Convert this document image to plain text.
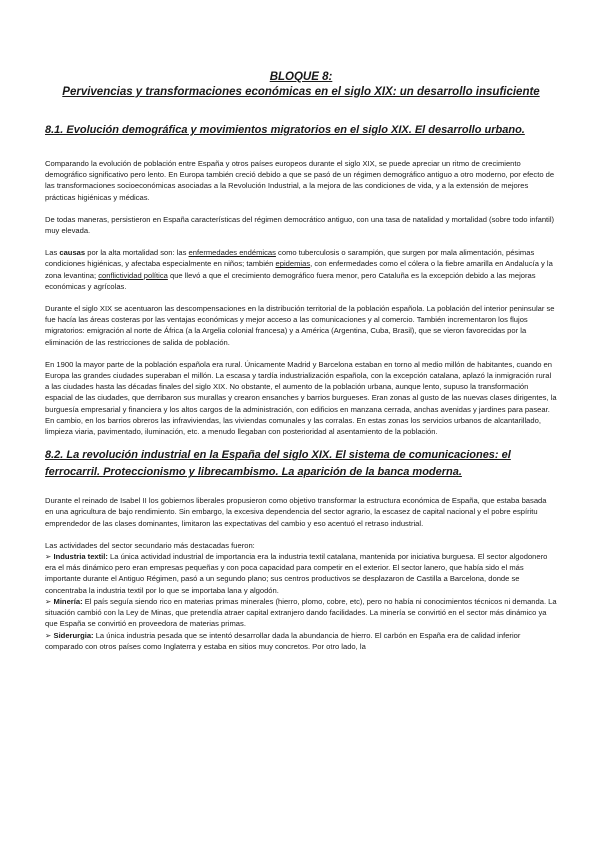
BLOQUE 8:
Pervivencias y transformaciones económicas en el siglo XIX: un desarrollo insuficiente
8.1. Evolución demográfica y movimientos migratorios en el siglo XIX. El desarrollo urbano.

Comparando la evolución de población entre España y otros países europeos durante el siglo XIX, se puede apreciar un ritmo de crecimiento demográfico significativo pero lento. En Europa también creció debido a que se pasó de un régimen demográfico antiguo a otro moderno, por efecto de las transformaciones socioeconómicas asociadas a la Revolución Industrial, a la mejora de las condiciones de vida, y a la extensión de mejores prácticas higiénicas y médicas.

De todas maneras, persistieron en España características del régimen democrático antiguo, con una tasa de natalidad y mortalidad (sobre todo infantil) muy elevada.

Las causas por la alta mortalidad son: las enfermedades endémicas como tuberculosis o sarampión, que surgen por mala alimentación, pésimas condiciones higiénicas, y afectaba especialmente en niños; también epidemias, con enfermedades como el cólera o la fiebre amarilla en Andalucía y la zona levantina; conflictividad política que llevó a que el crecimiento demográfico fuera menor, pero Cataluña es la excepción debido a las mejoras económicas y agrícolas.

Durante el siglo XIX se acentuaron las descompensaciones en la distribución territorial de la población española. La población del interior peninsular se fue hacía las áreas costeras por las ventajas económicas y mejor acceso a las comunicaciones y al comercio. También incrementaron los flujos migratorios: emigración al norte de África (a la Argelia colonial francesa) y a América (Argentina, Cuba, Brasil), que se vieron favorecidas por la eliminación de las restricciones de salida de población.

En 1900 la mayor parte de la población española era rural. Únicamente Madrid y Barcelona estaban en torno al medio millón de habitantes, cuando en Europa las grandes ciudades superaban el millón. La escasa y tardía industrialización española, con la excepción catalana, aplazó la inmigración rural a las ciudades hasta las décadas finales del siglo XIX. No obstante, el aumento de la población urbana, aunque lento, supuso la transformación espacial de las ciudades, que derribaron sus murallas y crearon ensanches y barrios burgueses. Eran zonas al gusto de las nuevas clases dirigentes, la burguesía empresarial y financiera y los altos cargos de la administración, con edificios en manzana cerrada, anchas avenidas y jardines para pasear. En cambio, en los barrios obreros las infraviviendas, las viviendas comunales y las corralas. En estas zonas los servicios urbanos de alcantarillado, limpieza viaria, pavimentado, iluminación, etc. a menudo llegaban con posterioridad al asentamiento de la población.

8.2. La revolución industrial en la España del siglo XIX. El sistema de comunicaciones: el
ferrocarril. Proteccionismo y librecambismo. La aparición de la banca moderna.

Durante el reinado de Isabel II los gobiernos liberales propusieron como objetivo transformar la estructura económica de España, que estaba basada en una agricultura de bajo rendimiento. Sin embargo, la excesiva dependencia del sector agrario, la escasez de capital nacional y el pobre espíritu emprendedor de las clases dominantes, limitaron las expectativas del cambio y eso acentuó el retraso industrial.

Las actividades del sector secundario más destacadas fueron:

➢ Industria textil: La única actividad industrial de importancia era la industria textil catalana, mantenida por iniciativa burguesa. El sector algodonero era el más dinámico pero eran empresas pequeñas y con poca capacidad para competir en el exterior. El sector lanero, que había sido el más importante durante el Antiguo Régimen, pasó a un segundo plano; sus centros productivos se desplazaron de Castilla a Barcelona, donde se concentraba la industria textil por lo que se importaba lana y algodón.

➢ Minería: El país seguía siendo rico en materias primas minerales (hierro, plomo, cobre, etc), pero no había ni conocimientos técnicos ni demanda. La situación cambió con la Ley de Minas, que pretendía atraer capital extranjero dando facilidades. La minería se convirtió en el sector más dinámico ya que España se convirtió en proveedora de materias primas.

➢ Siderurgia: La única industria pesada que se intentó desarrollar dada la abundancia de hierro. El carbón en España era de calidad inferior comparado con otros países como Inglaterra y estaba en sitios muy concretos. Por otro lado, la
